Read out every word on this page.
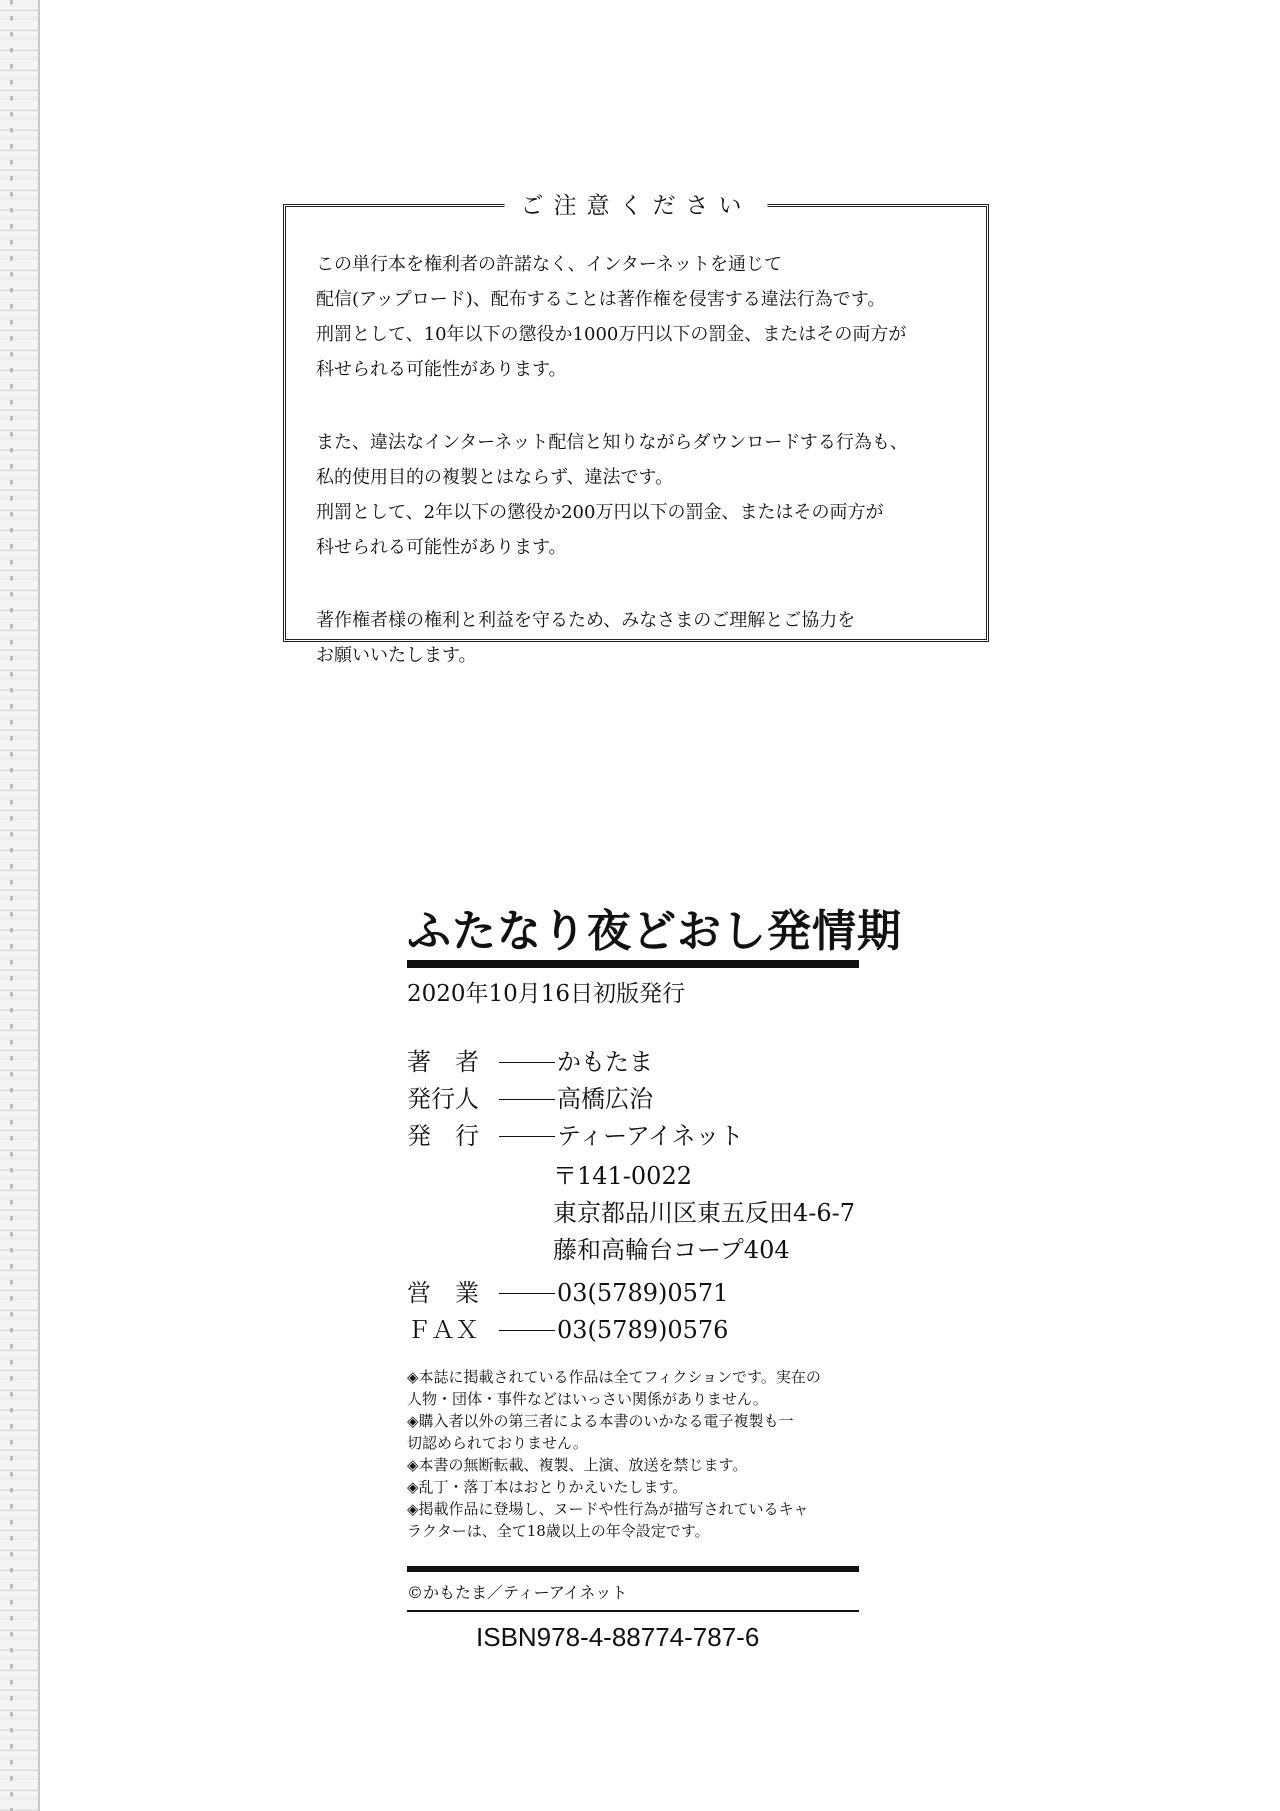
ご注意ください

この単行本を権利者の許諾なく、インターネットを通じて
配信(アップロード)、配布することは著作権を侵害する違法行為です。
刑罰として、10年以下の懲役か1000万円以下の罰金、またはその両方が
科せられる可能性があります。

また、違法なインターネット配信と知りながらダウンロードする行為も、
私的使用目的の複製とはならず、違法です。
刑罰として、2年以下の懲役か200万円以下の罰金、またはその両方が
科せられる可能性があります。

著作権者様の権利と利益を守るため、みなさまのご理解とご協力を
お願いいたします。

ふたなり夜どおし発情期
2020年10月16日初版発行
著　者	かもたま
発行人	高橋広治
発　行	ティーアイネット
〒141-0022
東京都品川区東五反田4-6-7
藤和高輪台コープ404
営　業	03(5789)0571
ＦＡＸ	03(5789)0576
◈本誌に掲載されている作品は全てフィクションです。実在の
人物・団体・事件などはいっさい関係がありません。
◈購入者以外の第三者による本書のいかなる電子複製も一
切認められておりません。
◈本書の無断転載、複製、上演、放送を禁じます。
◈乱丁・落丁本はおとりかえいたします。
◈掲載作品に登場し、ヌードや性行為が描写されているキャ
ラクターは、全て18歳以上の年令設定です。
©かもたま／ティーアイネット
ISBN978-4-88774-787-6
